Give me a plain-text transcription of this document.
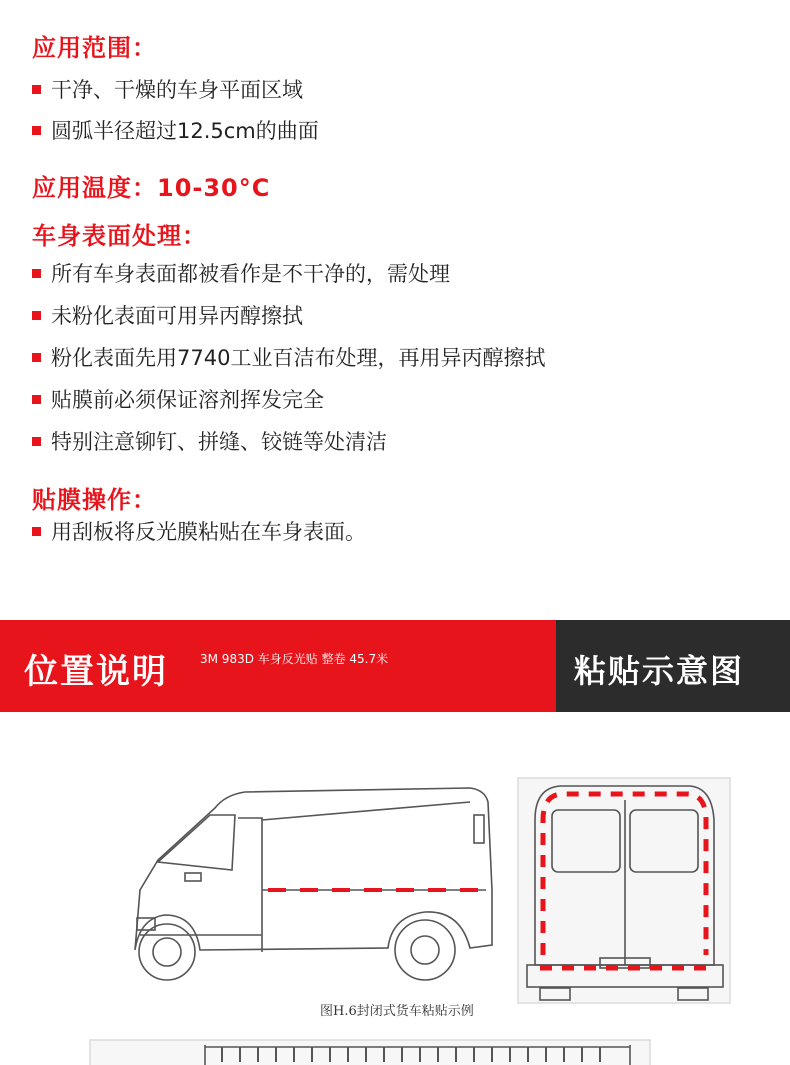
应用范围：
干净、干燥的车身平面区域
圆弧半径超过12.5cm的曲面
应用温度：10-30°C
车身表面处理：
所有车身表面都被看作是不干净的，需处理
未粉化表面可用异丙醇擦拭
粉化表面先用7740工业百洁布处理，再用异丙醇擦拭
贴膜前必须保证溶剂挥发完全
特别注意铆钉、拼缝、铰链等处清洁
贴膜操作：
用刮板将反光膜粘贴在车身表面。
位置说明	3M 983D 车身反光贴 整卷 45.7米	粘贴示意图
图H.6封闭式货车粘贴示例
